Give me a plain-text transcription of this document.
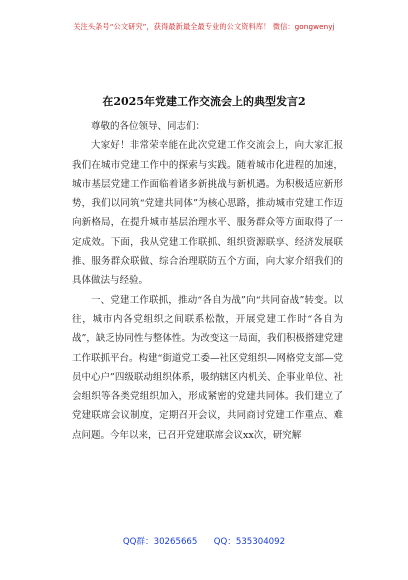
关注头条号“公文研究”，获得最新最全最专业的公文资料库！ 微信：gongwenyj
在2025年党建工作交流会上的典型发言2

尊敬的各位领导、同志们：

大家好！非常荣幸能在此次党建工作交流会上，向大家汇报我们在城市党建工作中的探索与实践。随着城市化进程的加速，城市基层党建工作面临着诸多新挑战与新机遇。为积极适应新形势，我们以同筑“党建共同体”为核心思路，推动城市党建工作迈向新格局，在提升城市基层治理水平、服务群众等方面取得了一定成效。下面，我从党建工作联抓、组织资源联享、经济发展联推、服务群众联做、综合治理联防五个方面，向大家介绍我们的具体做法与经验。

一、党建工作联抓，推动“各自为战”向“共同奋战”转变。以往，城市内各党组织之间联系松散，开展党建工作时“各自为战”，缺乏协同性与整体性。为改变这一局面，我们积极搭建党建工作联抓平台。构建“街道党工委—社区党组织—网格党支部—党员中心户”四级联动组织体系，吸纳辖区内机关、企事业单位、社会组织等各类党组织加入，形成紧密的党建共同体。我们建立了党建联席会议制度，定期召开会议，共同商讨党建工作重点、难点问题。今年以来，已召开党建联席会议xx次，研究解

QQ群：30265665      QQ：535304092
